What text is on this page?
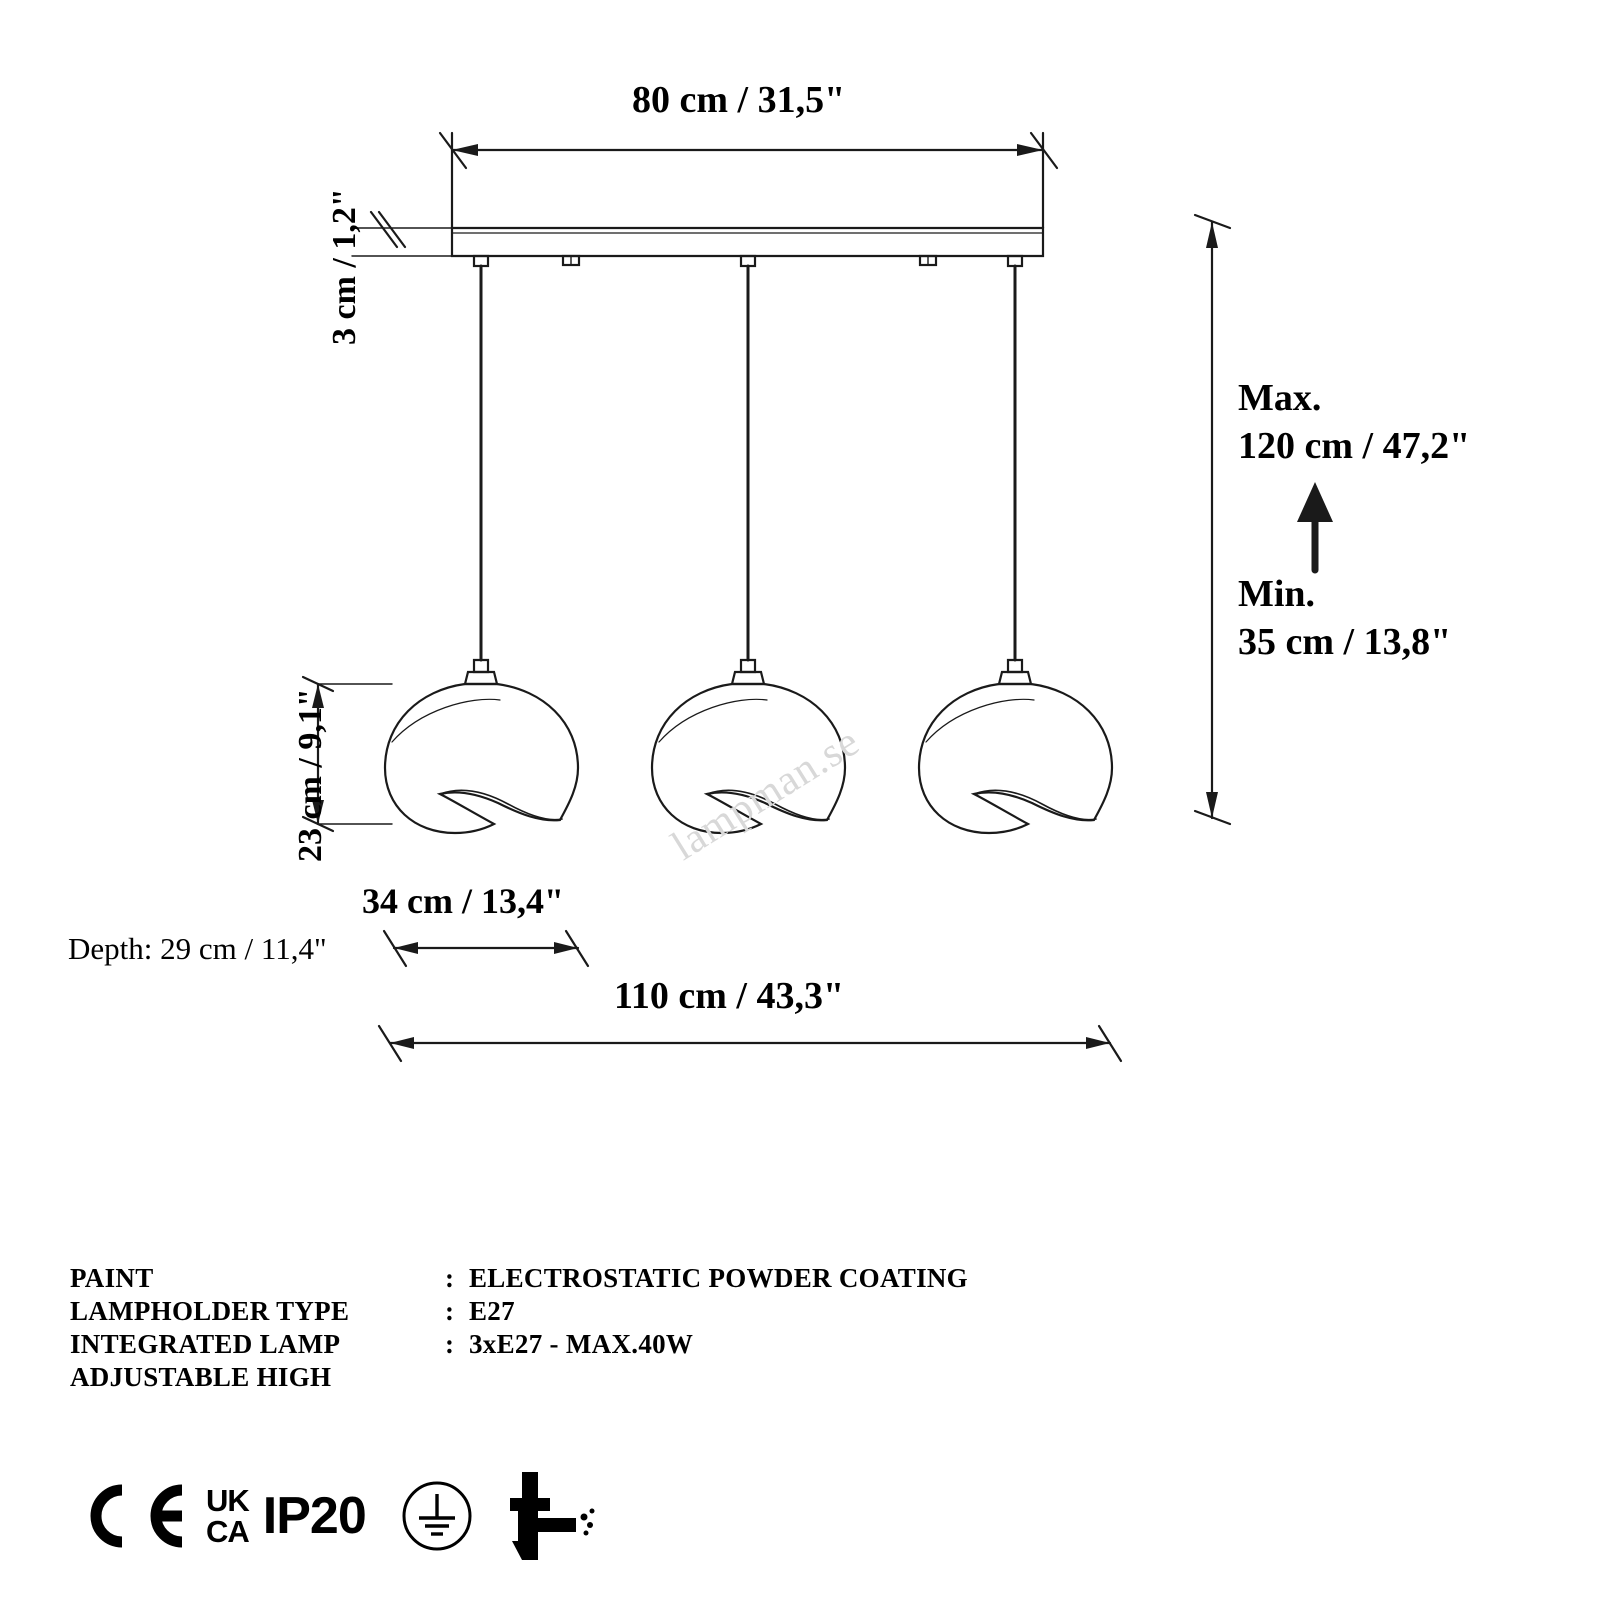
80 cm / 31,5"
3 cm / 1,2"
23 cm / 9,1"
34 cm / 13,4"
Depth: 29 cm / 11,4"
110 cm / 43,3"
Max.
120 cm / 47,2"
Min.
35 cm / 13,8"
lampman.se
PAINT	: ELECTROSTATIC POWDER COATING
LAMPHOLDER TYPE	: E27
INTEGRATED LAMP	: 3xE27 - MAX.40W
ADJUSTABLE HIGH
UK
CA IP20
